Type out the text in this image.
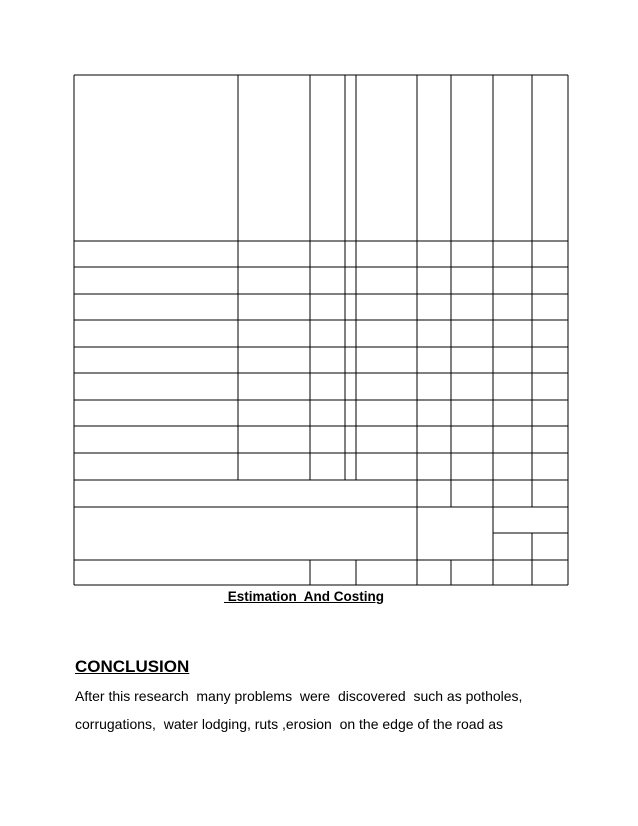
Estimation  And Costing
CONCLUSION
After this research  many problems  were  discovered  such as potholes,
corrugations,  water lodging, ruts ,erosion  on the edge of the road as
